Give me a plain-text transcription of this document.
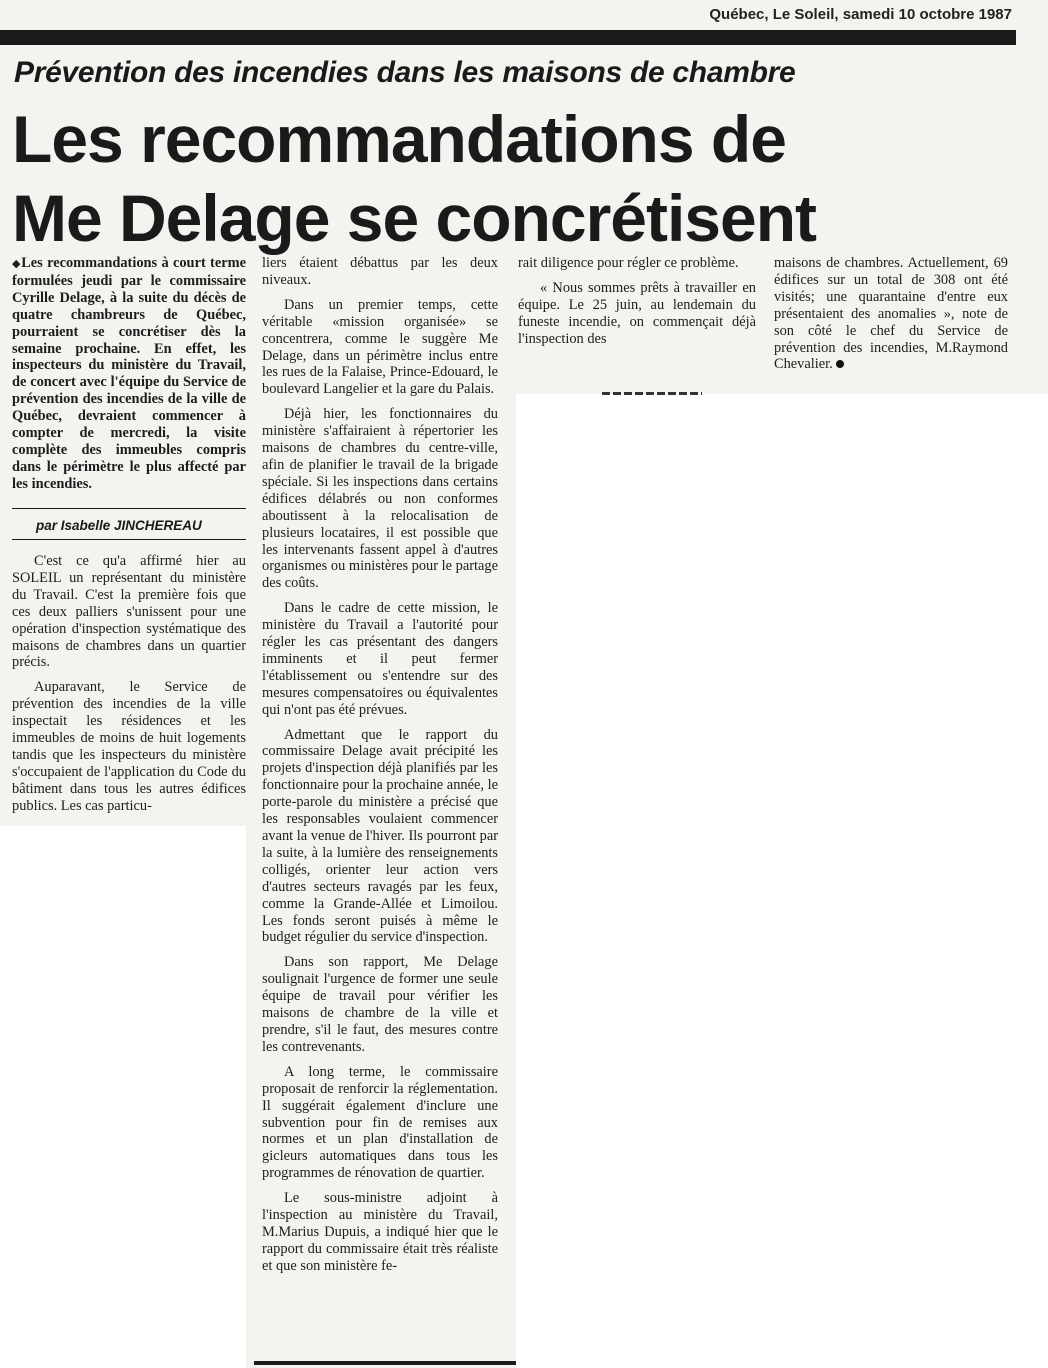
Québec, Le Soleil, samedi 10 octobre 1987
Prévention des incendies dans les maisons de chambre
Les recommandations de
Me Delage se concrétisent

◆Les recommandations à court terme formulées jeudi par le commissaire Cyrille Delage, à la suite du décès de quatre chambreurs de Québec, pourraient se concrétiser dès la semaine prochaine. En effet, les inspecteurs du ministère du Travail, de concert avec l'équipe du Service de prévention des incendies de la ville de Québec, devraient commencer à compter de mercredi, la visite complète des immeubles compris dans le périmètre le plus affecté par les incendies.

par Isabelle JINCHEREAU

C'est ce qu'a affirmé hier au SOLEIL un représentant du ministère du Travail. C'est la première fois que ces deux palliers s'unissent pour une opération d'inspection systématique des maisons de chambres dans un quartier précis.

Auparavant, le Service de prévention des incendies de la ville inspectait les résidences et les immeubles de moins de huit logements tandis que les inspecteurs du ministère s'occupaient de l'application du Code du bâtiment dans tous les autres édifices publics. Les cas particu-

liers étaient débattus par les deux niveaux.

Dans un premier temps, cette véritable «mission organisée» se concentrera, comme le suggère Me Delage, dans un périmètre inclus entre les rues de la Falaise, Prince-Edouard, le boulevard Langelier et la gare du Palais.

Déjà hier, les fonctionnaires du ministère s'affairaient à répertorier les maisons de chambres du centre-ville, afin de planifier le travail de la brigade spéciale. Si les inspections dans certains édifices délabrés ou non conformes aboutissent à la relocalisation de plusieurs locataires, il est possible que les intervenants fassent appel à d'autres organismes ou ministères pour le partage des coûts.

Dans le cadre de cette mission, le ministère du Travail a l'autorité pour régler les cas présentant des dangers imminents et il peut fermer l'établissement ou s'entendre sur des mesures compensatoires ou équivalentes qui n'ont pas été prévues.

Admettant que le rapport du commissaire Delage avait précipité les projets d'inspection déjà planifiés par les fonctionnaire pour la prochaine année, le porte-parole du ministère a précisé que les responsables voulaient commencer avant la venue de l'hiver. Ils pourront par la suite, à la lumière des renseignements colligés, orienter leur action vers d'autres secteurs ravagés par les feux, comme la Grande-Allée et Limoilou. Les fonds seront puisés à même le budget régulier du service d'inspection.

Dans son rapport, Me Delage soulignait l'urgence de former une seule équipe de travail pour vérifier les maisons de chambre de la ville et prendre, s'il le faut, des mesures contre les contrevenants.

A long terme, le commissaire proposait de renforcir la réglementation. Il suggérait également d'inclure une subvention pour fin de remises aux normes et un plan d'installation de gicleurs automatiques dans tous les programmes de rénovation de quartier.

Le sous-ministre adjoint à l'inspection au ministère du Travail, M.Marius Dupuis, a indiqué hier que le rapport du commissaire était très réaliste et que son ministère fe-

rait diligence pour régler ce problème.

« Nous sommes prêts à travailler en équipe. Le 25 juin, au lendemain du funeste incendie, on commençait déjà l'inspection des

maisons de chambres. Actuellement, 69 édifices sur un total de 308 ont été visités; une quarantaine d'entre eux présentaient des anomalies », note de son côté le chef du Service de prévention des incendies, M.Raymond Chevalier.
